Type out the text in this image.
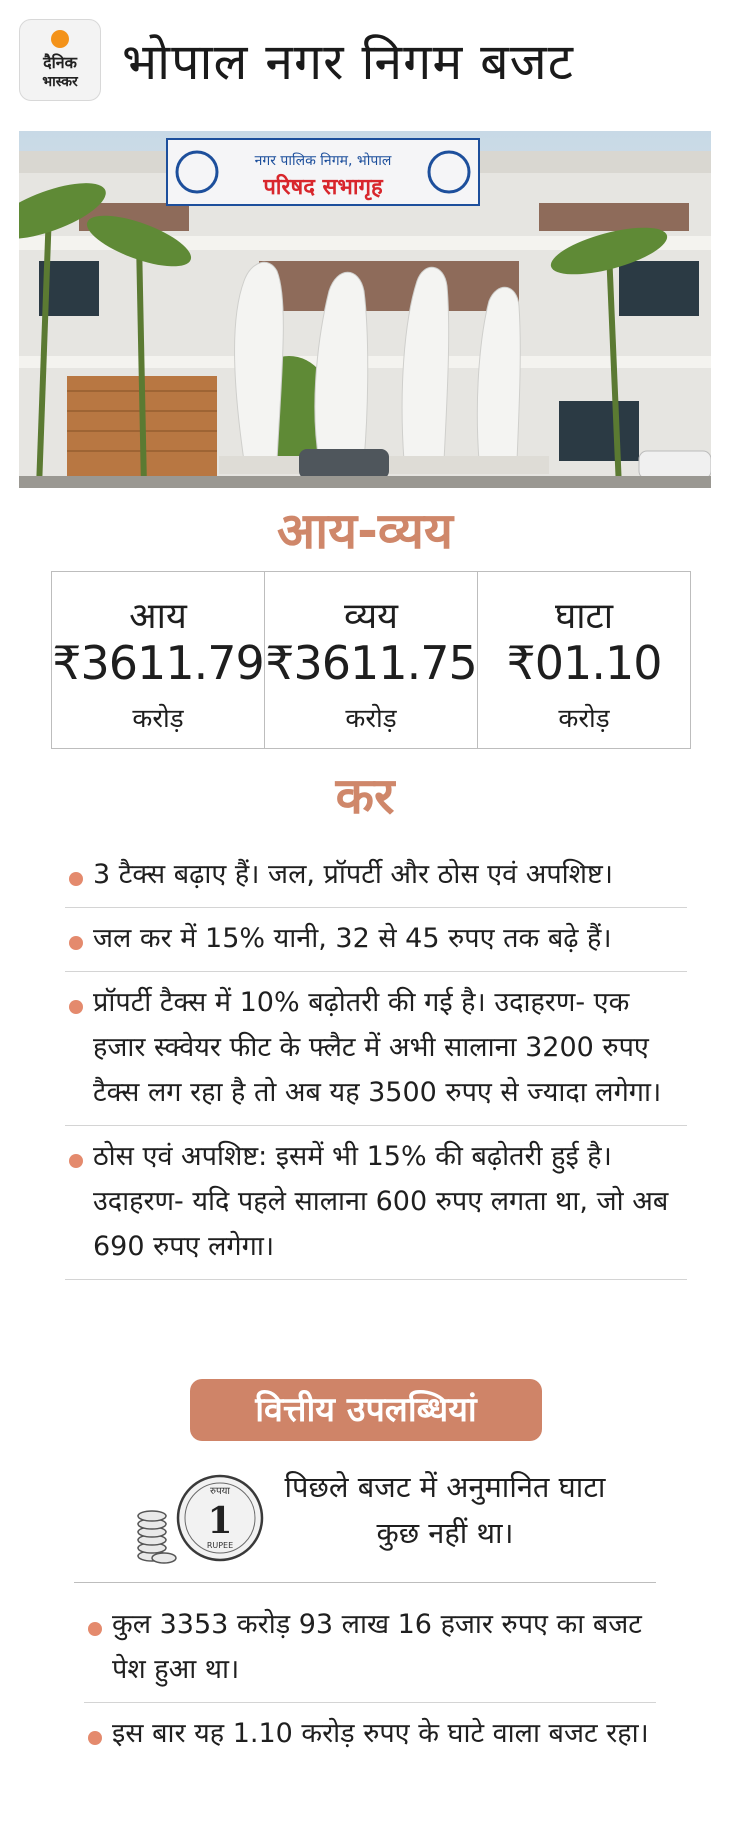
दैनिक
भास्कर भोपाल नगर निगम बजट
नगर पालिक निगम, भोपाल
परिषद सभागृह
आय-व्यय
आय
₹3611.79
करोड़
व्यय
₹3611.75
करोड़
घाटा
₹01.10
करोड़
कर
3 टैक्स बढ़ाए हैं। जल, प्रॉपर्टी और ठोस एवं अपशिष्ट।
जल कर में 15% यानी, 32 से 45 रुपए तक बढ़े हैं।
प्रॉपर्टी टैक्स में 10% बढ़ोतरी की गई है। उदाहरण- एक हजार स्क्वेयर फीट के फ्लैट में अभी सालाना 3200 रुपए टैक्स लग रहा है तो अब यह 3500 रुपए से ज्यादा लगेगा।
ठोस एवं अपशिष्ट: इसमें भी 15% की बढ़ोतरी हुई है। उदाहरण- यदि पहले सालाना 600 रुपए लगता था, जो अब 690 रुपए लगेगा।
वित्तीय उपलब्धियां
रुपया
1
RUPEE
पिछले बजट में अनुमानित घाटा कुछ नहीं था।
कुल 3353 करोड़ 93 लाख 16 हजार रुपए का बजट पेश हुआ था।
इस बार यह 1.10 करोड़ रुपए के घाटे वाला बजट रहा।
